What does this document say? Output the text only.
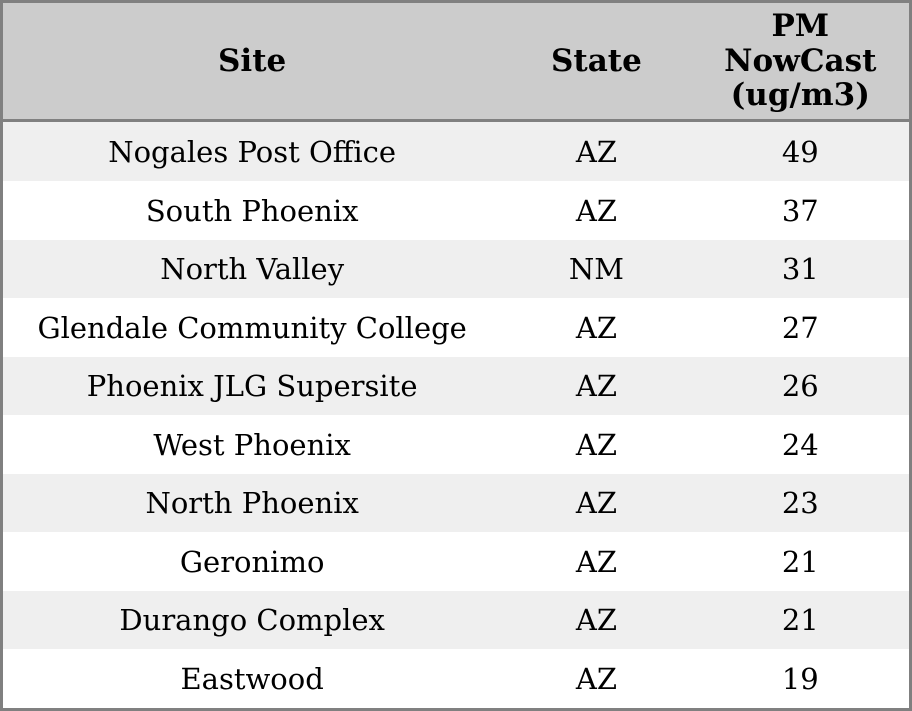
Site	State	PM
NowCast
(ug/m3)

Nogales Post Office	AZ	49
South Phoenix	AZ	37
North Valley	NM	31
Glendale Community College	AZ	27
Phoenix JLG Supersite	AZ	26
West Phoenix	AZ	24
North Phoenix	AZ	23
Geronimo	AZ	21
Durango Complex	AZ	21
Eastwood	AZ	19
